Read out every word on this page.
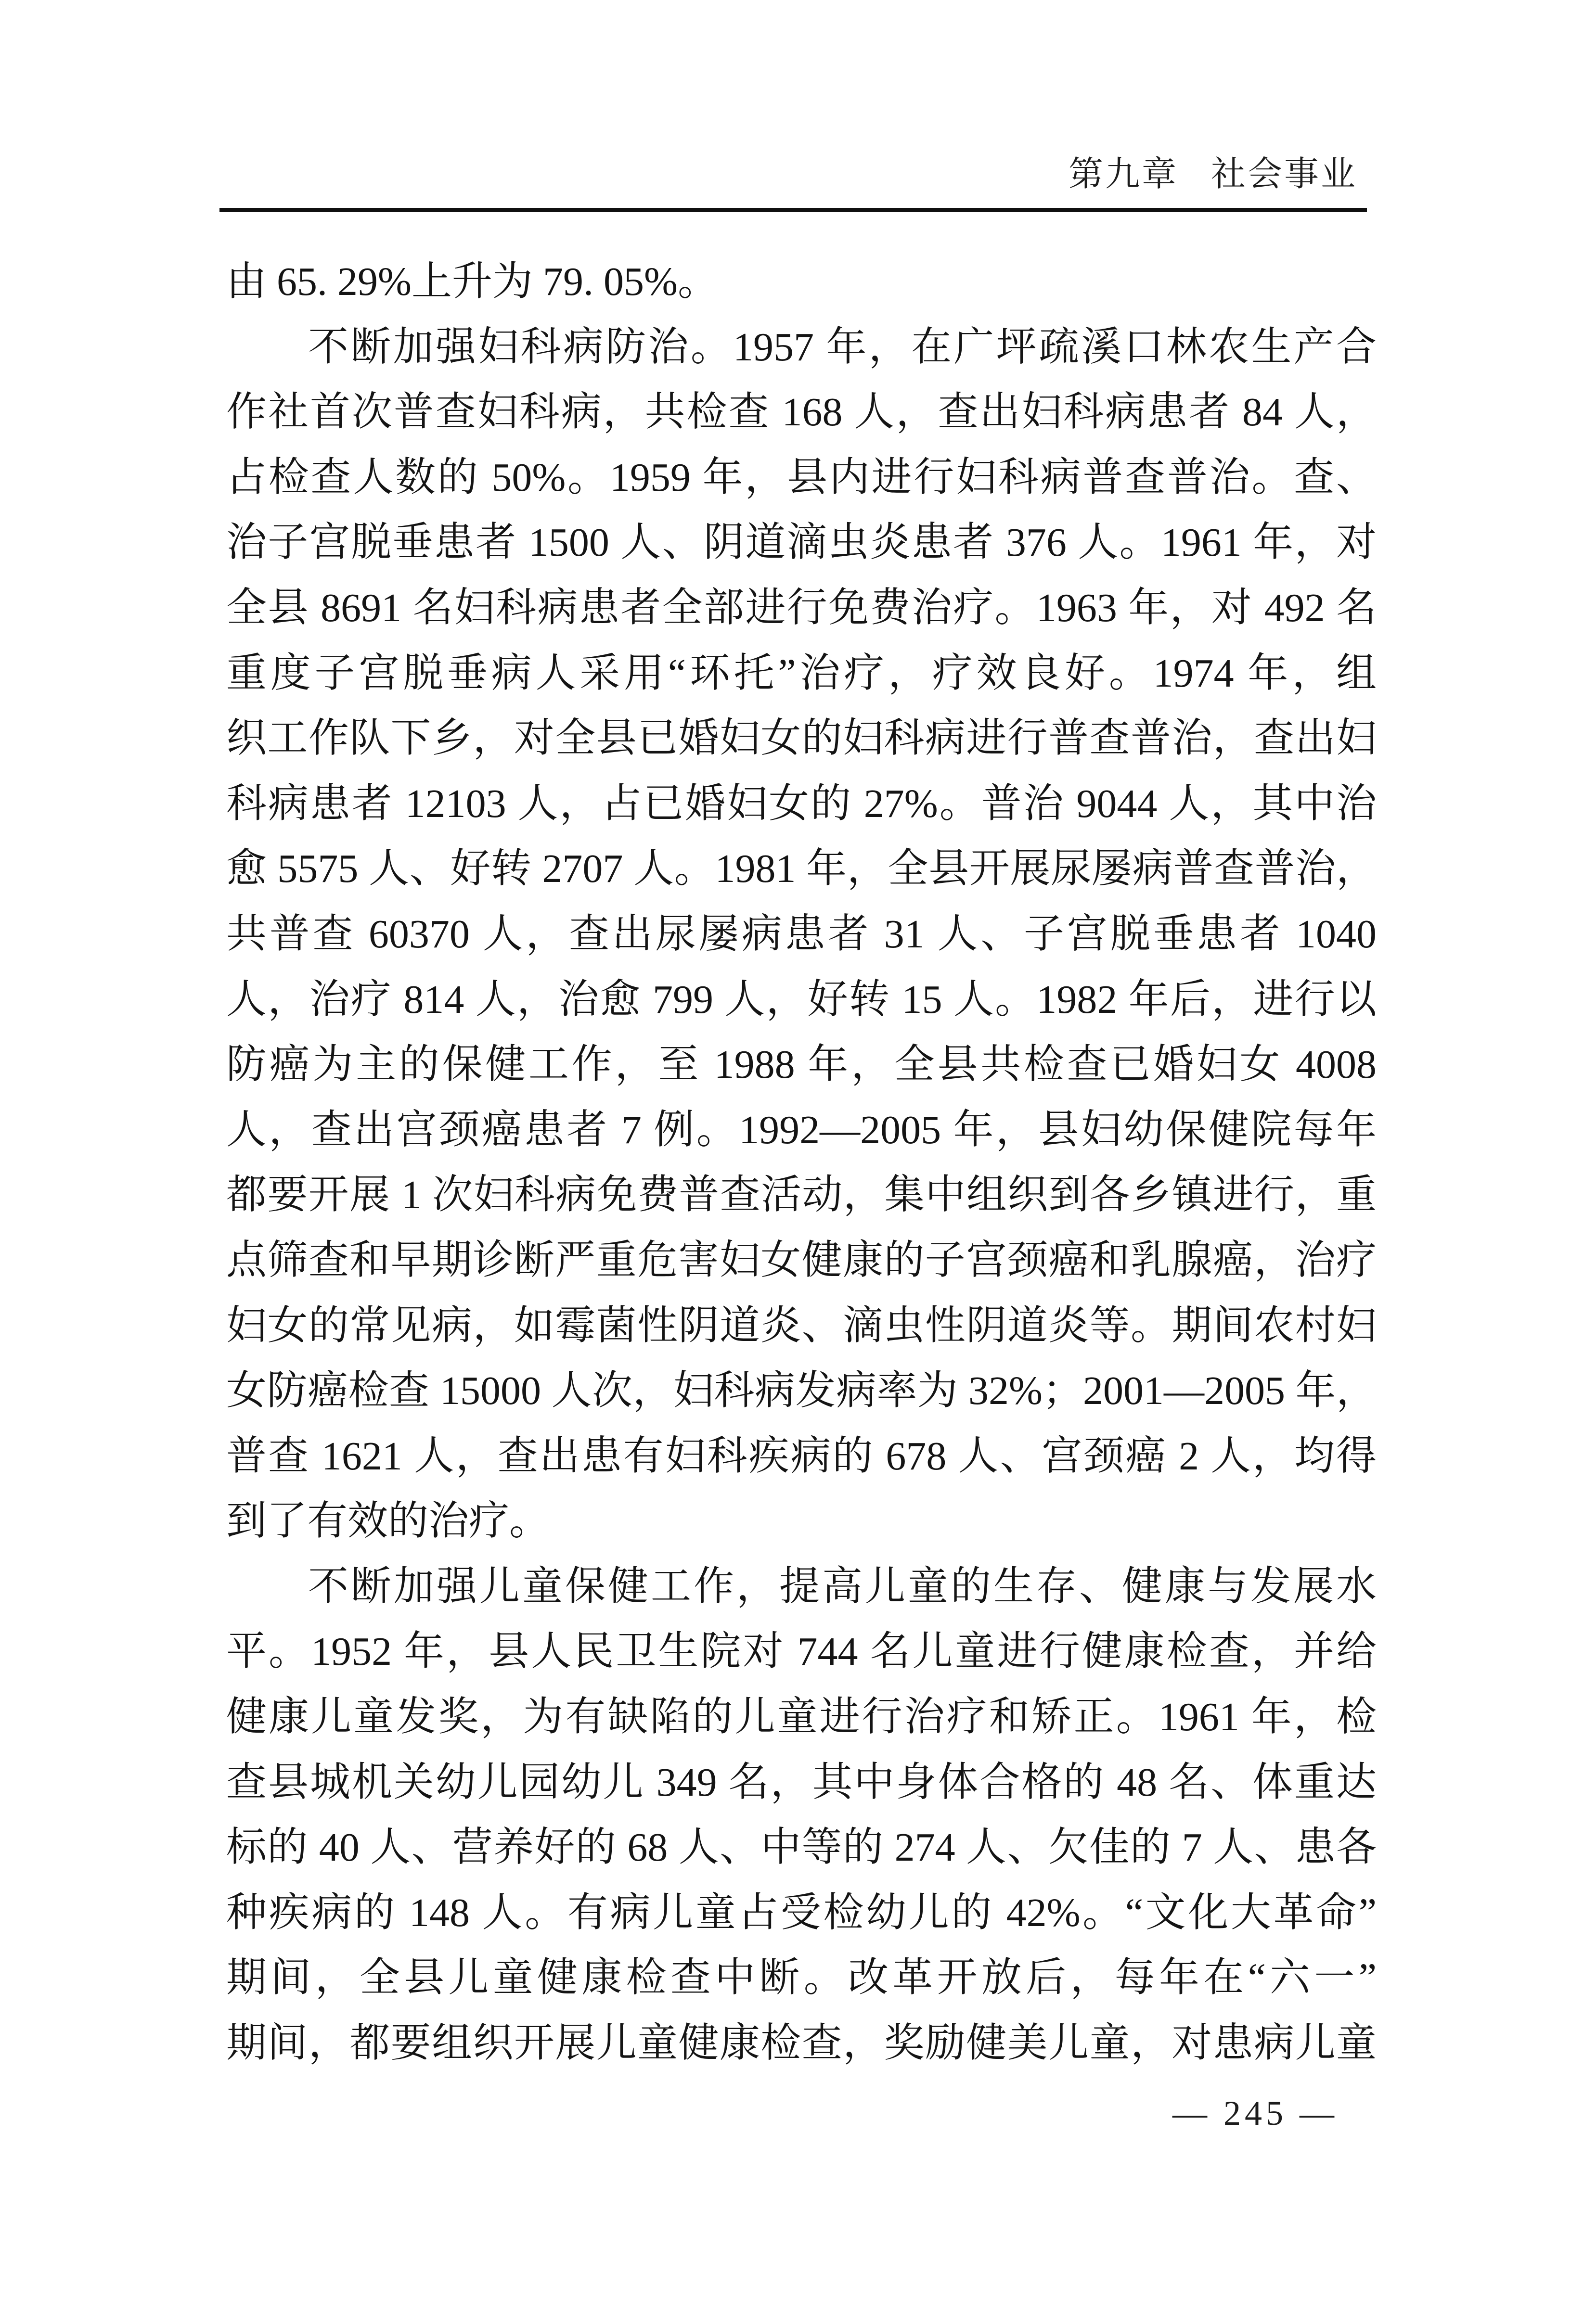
第九章 社会事业
由 65. 29%上升为 79. 05%。
不断加强妇科病防治。1957 年，在广坪疏溪口林农生产合
作社首次普查妇科病，共检查 168 人，查出妇科病患者 84 人，
占检查人数的 50%。1959 年，县内进行妇科病普查普治。查、
治子宫脱垂患者 1500 人、阴道滴虫炎患者 376 人。1961 年，对
全县 8691 名妇科病患者全部进行免费治疗。1963 年，对 492 名
重度子宫脱垂病人采用“环托”治疗，疗效良好。1974 年，组
织工作队下乡，对全县已婚妇女的妇科病进行普查普治，查出妇
科病患者 12103 人，占已婚妇女的 27%。普治 9044 人，其中治
愈 5575 人、好转 2707 人。1981 年，全县开展尿屡病普查普治，
共普查 60370 人，查出尿屡病患者 31 人、子宫脱垂患者 1040
人，治疗 814 人，治愈 799 人，好转 15 人。1982 年后，进行以
防癌为主的保健工作，至 1988 年，全县共检查已婚妇女 4008
人，查出宫颈癌患者 7 例。1992—2005 年，县妇幼保健院每年
都要开展 1 次妇科病免费普查活动，集中组织到各乡镇进行，重
点筛查和早期诊断严重危害妇女健康的子宫颈癌和乳腺癌，治疗
妇女的常见病，如霉菌性阴道炎、滴虫性阴道炎等。期间农村妇
女防癌检查 15000 人次，妇科病发病率为 32%；2001—2005 年，
普查 1621 人，查出患有妇科疾病的 678 人、宫颈癌 2 人，均得
到了有效的治疗。
不断加强儿童保健工作，提高儿童的生存、健康与发展水
平。1952 年，县人民卫生院对 744 名儿童进行健康检查，并给
健康儿童发奖，为有缺陷的儿童进行治疗和矫正。1961 年，检
查县城机关幼儿园幼儿 349 名，其中身体合格的 48 名、体重达
标的 40 人、营养好的 68 人、中等的 274 人、欠佳的 7 人、患各
种疾病的 148 人。有病儿童占受检幼儿的 42%。“文化大革命”
期间，全县儿童健康检查中断。改革开放后，每年在“六一”
期间，都要组织开展儿童健康检查，奖励健美儿童，对患病儿童
— 245 —
